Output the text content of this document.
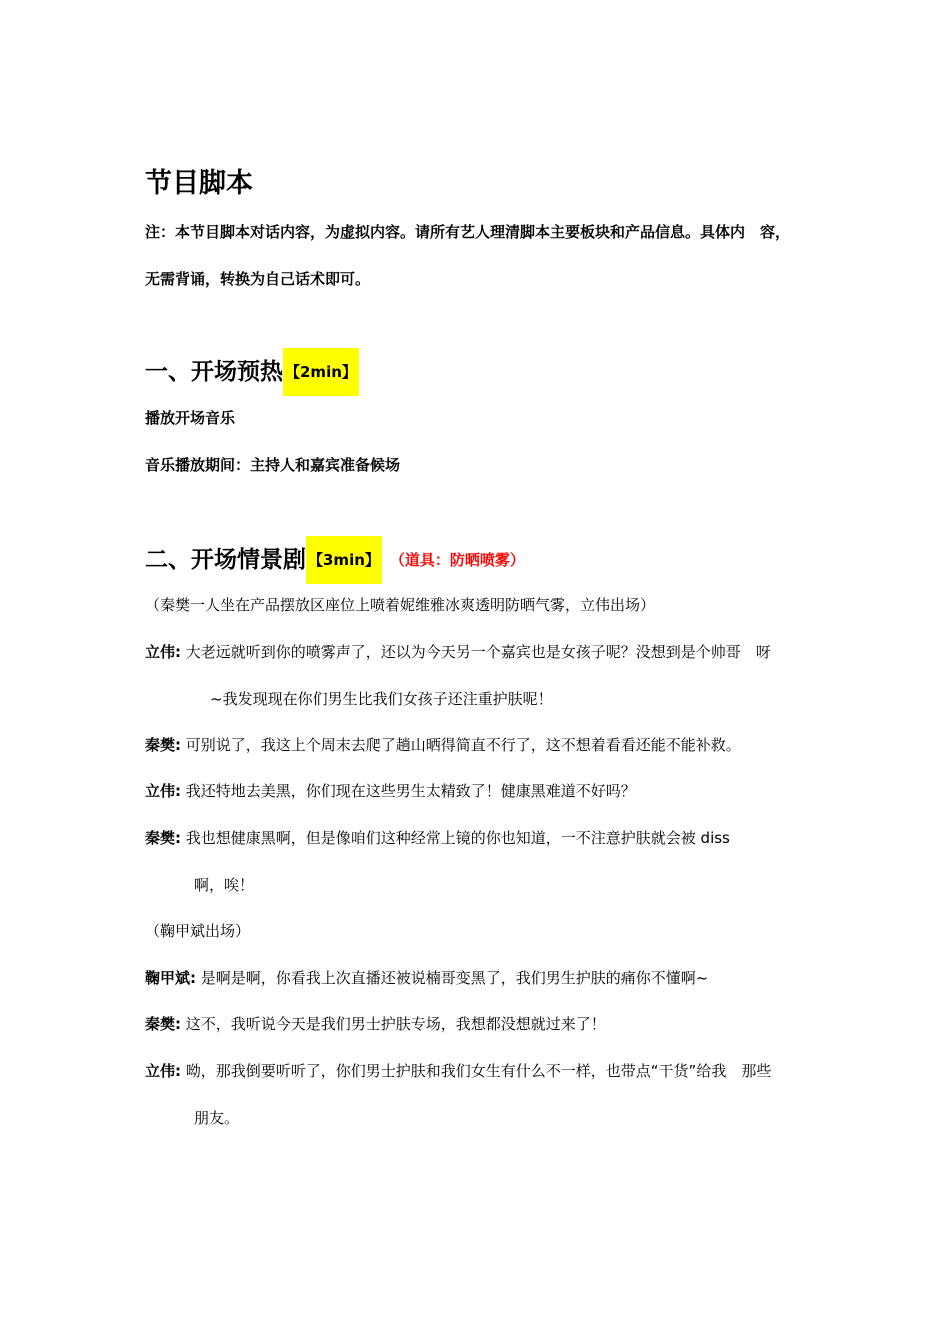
节目脚本
注：本节目脚本对话内容，为虚拟内容。请所有艺人理清脚本主要板块和产品信息。具体内　容，
无需背诵，转换为自己话术即可。
一、开场预热 【2min】
播放开场音乐
音乐播放期间：主持人和嘉宾准备候场
二、开场情景剧 【3min】 （道具：防晒喷雾）
（秦樊一人坐在产品摆放区座位上喷着妮维雅冰爽透明防晒气雾，立伟出场）
立伟: 大老远就听到你的喷雾声了，还以为今天另一个嘉宾也是女孩子呢？没想到是个帅哥　呀
~我发现现在你们男生比我们女孩子还注重护肤呢！
秦樊: 可别说了，我这上个周末去爬了趟山晒得简直不行了，这不想着看看还能不能补救。
立伟: 我还特地去美黑，你们现在这些男生太精致了！健康黑难道不好吗？
秦樊: 我也想健康黑啊，但是像咱们这种经常上镜的你也知道，一不注意护肤就会被 diss
啊，唉！
（鞠甲斌出场）
鞠甲斌: 是啊是啊，你看我上次直播还被说楠哥变黑了，我们男生护肤的痛你不懂啊~
秦樊: 这不，我听说今天是我们男士护肤专场，我想都没想就过来了！
立伟: 呦，那我倒要听听了，你们男士护肤和我们女生有什么不一样，也带点“干货”给我　那些
朋友。
